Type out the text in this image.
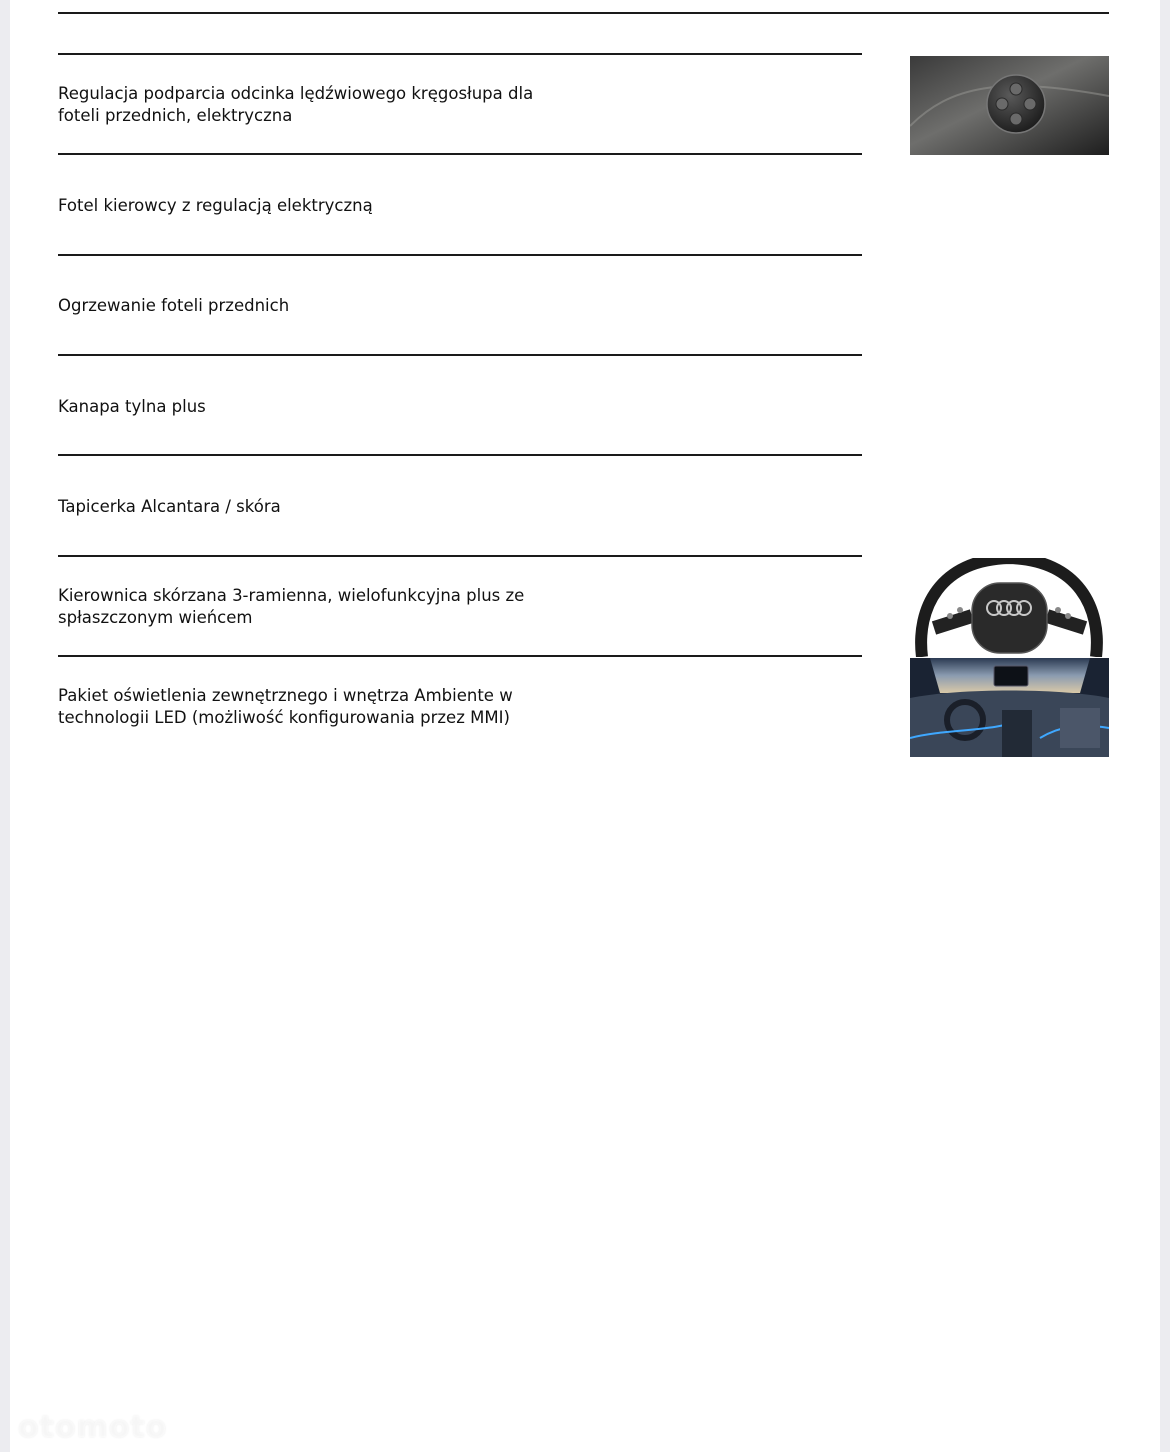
Regulacja podparcia odcinka lędźwiowego kręgosłupa dla foteli przednich, elektryczna
Fotel kierowcy z regulacją elektryczną
Ogrzewanie foteli przednich
Kanapa tylna plus
Tapicerka Alcantara / skóra
Kierownica skórzana 3-ramienna, wielofunkcyjna plus ze spłaszczonym wieńcem
Pakiet oświetlenia zewnętrznego i wnętrza Ambiente w technologii LED (możliwość konfigurowania przez MMI)
otomoto
